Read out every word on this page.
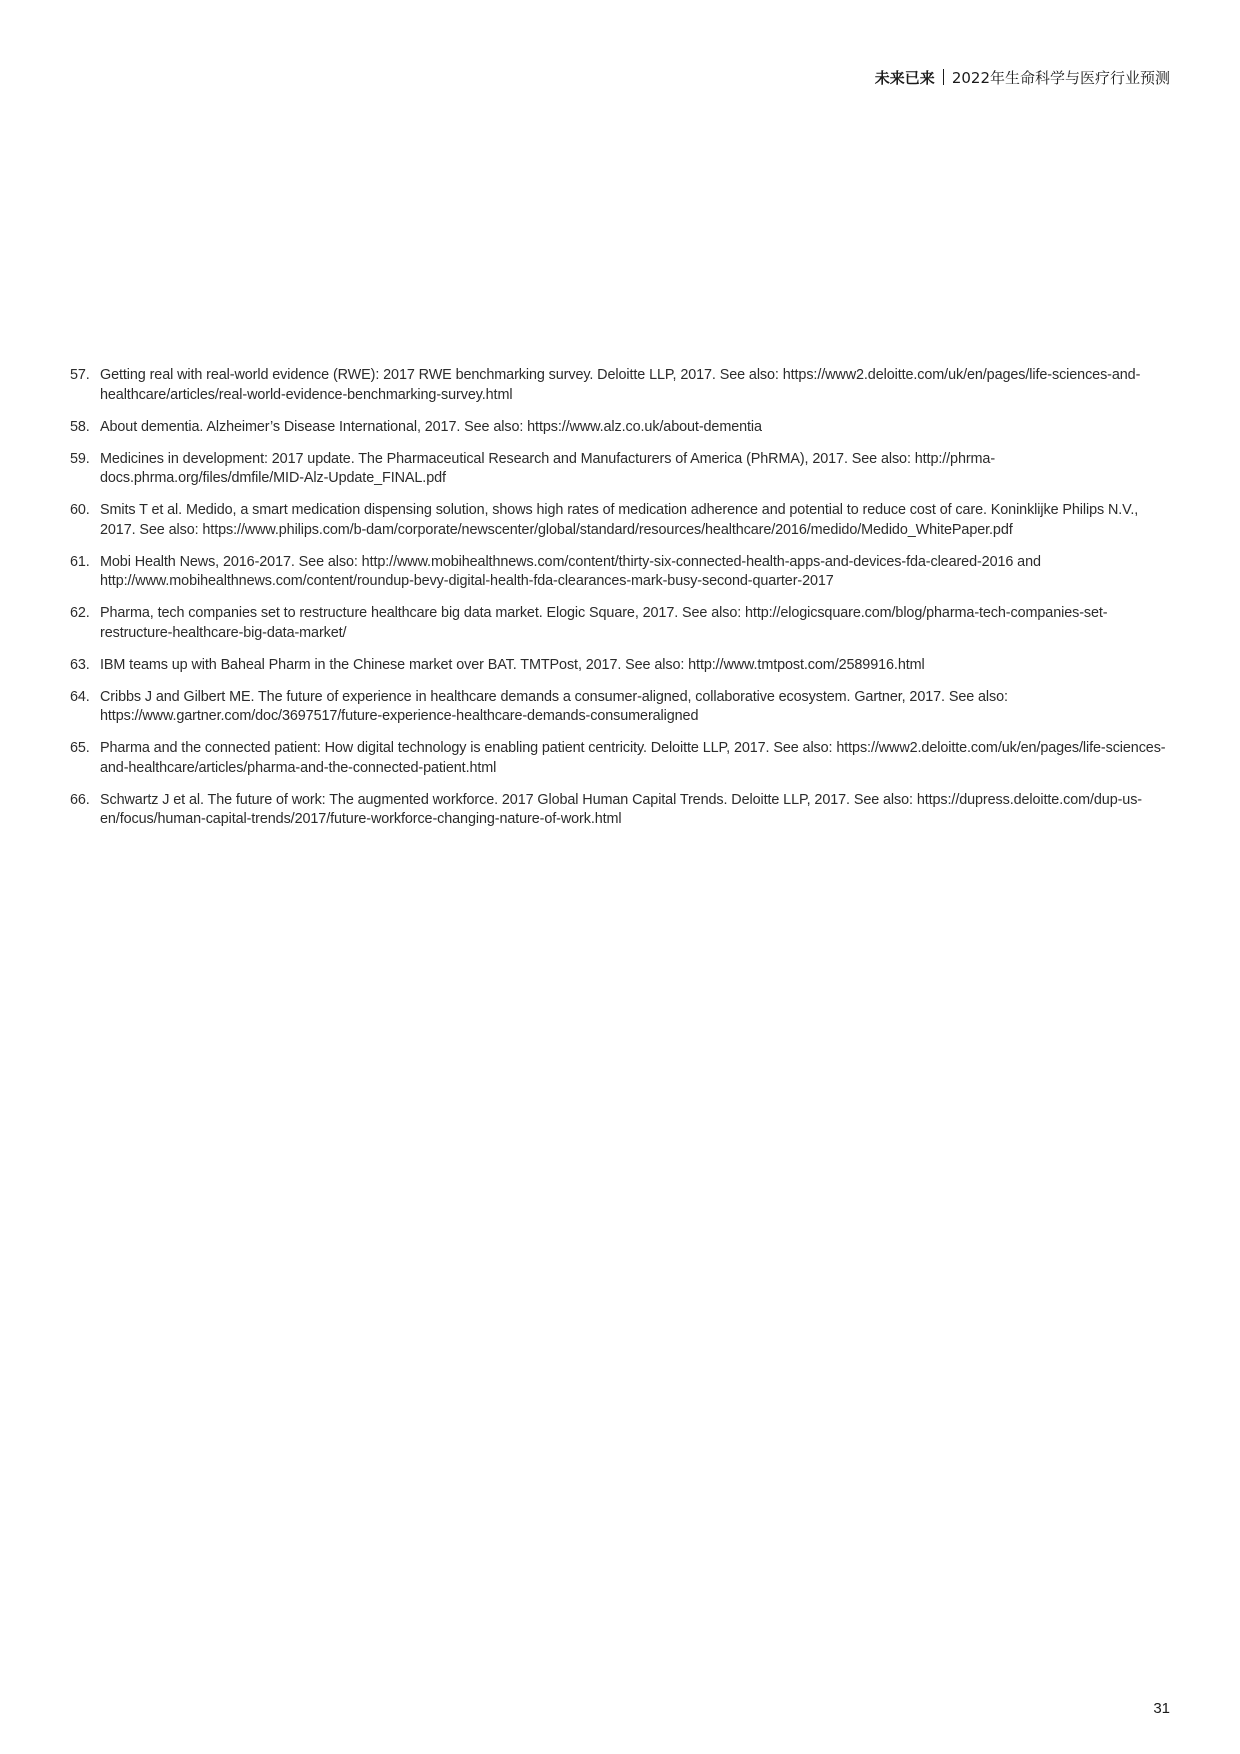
未来已来 2022年生命科学与医疗行业预测
57. Getting real with real-world evidence (RWE): 2017 RWE benchmarking survey. Deloitte LLP, 2017. See also: https://www2.deloitte.com/uk/en/pages/life-sciences-and-healthcare/articles/real-world-evidence-benchmarking-survey.html
58. About dementia. Alzheimer’s Disease International, 2017. See also: https://www.alz.co.uk/about-dementia
59. Medicines in development: 2017 update. The Pharmaceutical Research and Manufacturers of America (PhRMA), 2017. See also: http://phrma-docs.phrma.org/files/dmfile/MID-Alz-Update_FINAL.pdf
60. Smits T et al. Medido, a smart medication dispensing solution, shows high rates of medication adherence and potential to reduce cost of care. Koninklijke Philips N.V., 2017. See also: https://www.philips.com/b-dam/corporate/newscenter/global/standard/resources/healthcare/2016/medido/Medido_WhitePaper.pdf
61. Mobi Health News, 2016-2017. See also: http://www.mobihealthnews.com/content/thirty-six-connected-health-apps-and-devices-fda-cleared-2016 and http://www.mobihealthnews.com/content/roundup-bevy-digital-health-fda-clearances-mark-busy-second-quarter-2017
62. Pharma, tech companies set to restructure healthcare big data market. Elogic Square, 2017. See also: http://elogicsquare.com/blog/pharma-tech-companies-set-restructure-healthcare-big-data-market/
63. IBM teams up with Baheal Pharm in the Chinese market over BAT. TMTPost, 2017. See also: http://www.tmtpost.com/2589916.html
64. Cribbs J and Gilbert ME. The future of experience in healthcare demands a consumer-aligned, collaborative ecosystem. Gartner, 2017. See also: https://www.gartner.com/doc/3697517/future-experience-healthcare-demands-consumeraligned
65. Pharma and the connected patient: How digital technology is enabling patient centricity. Deloitte LLP, 2017. See also: https://www2.deloitte.com/uk/en/pages/life-sciences-and-healthcare/articles/pharma-and-the-connected-patient.html
66. Schwartz J et al. The future of work: The augmented workforce. 2017 Global Human Capital Trends. Deloitte LLP, 2017. See also: https://dupress.deloitte.com/dup-us-en/focus/human-capital-trends/2017/future-workforce-changing-nature-of-work.html
31
